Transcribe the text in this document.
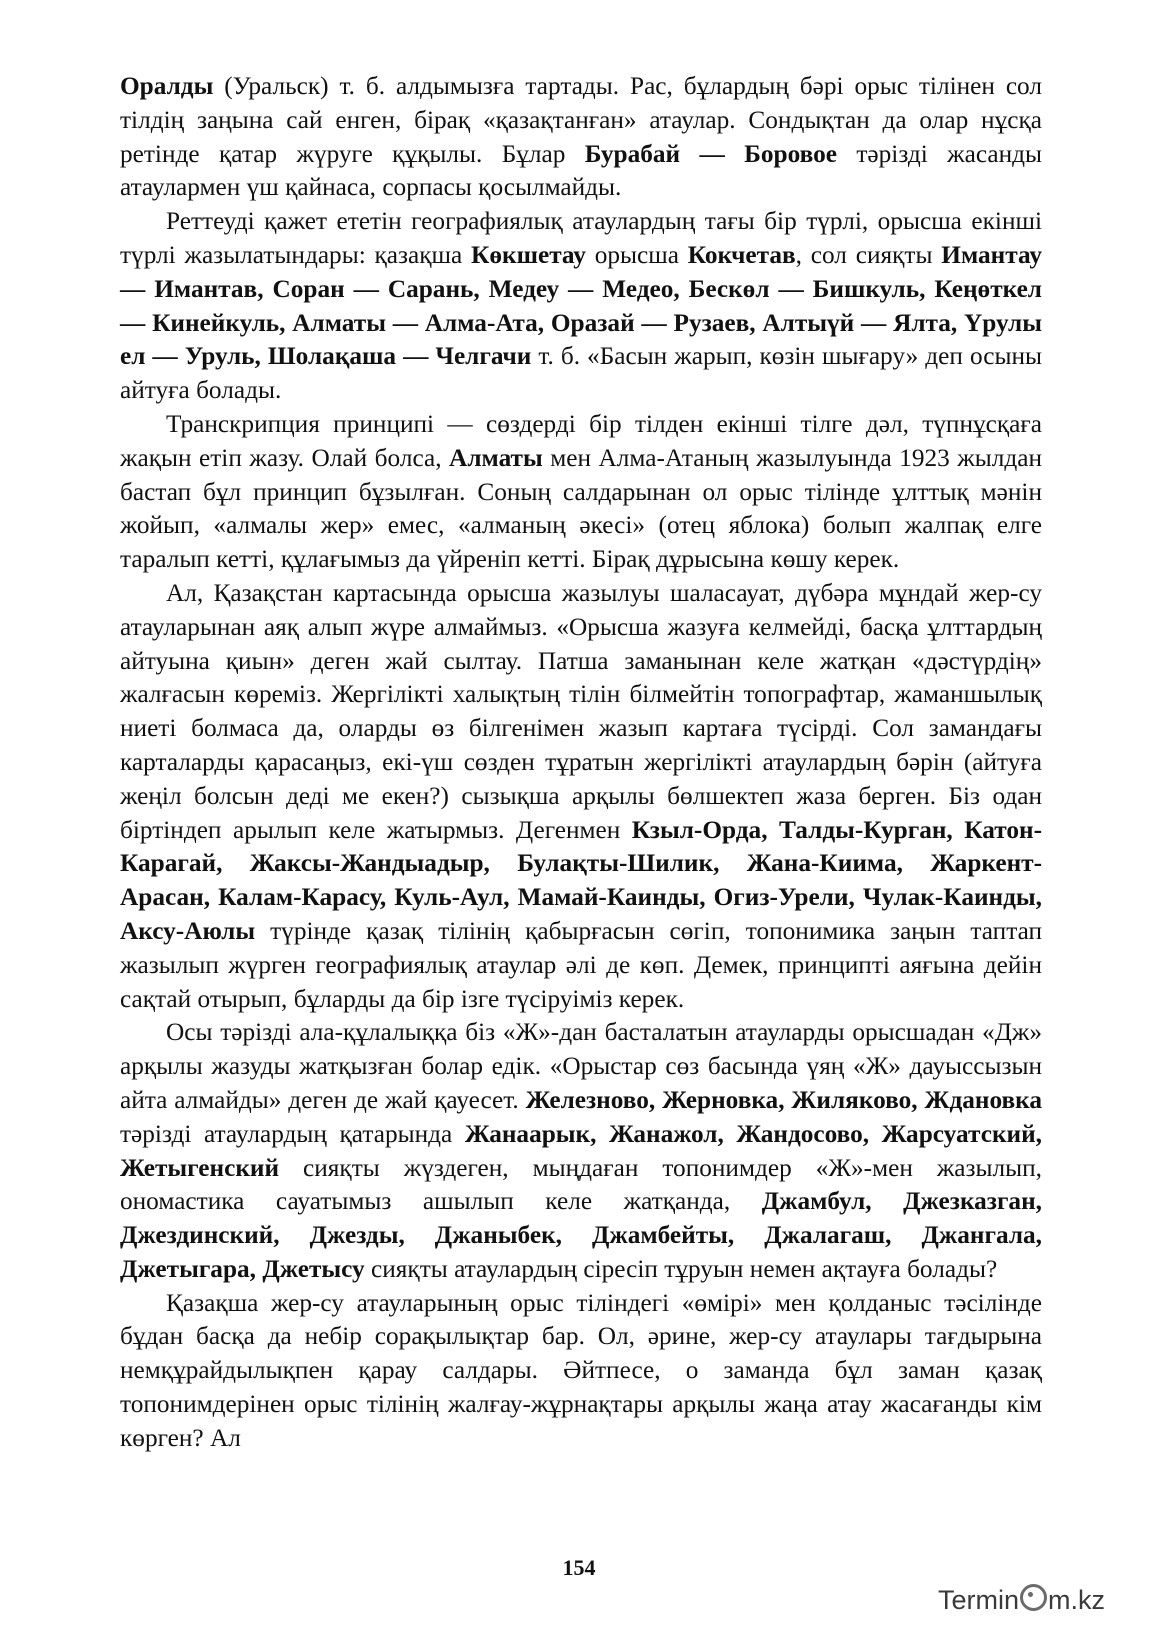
Оралды (Уральск) т. б. алдымызға тартады. Рас, бұлардың бәрі орыс тілінен сол тілдің заңына сай енген, бірақ «қазақтанған» атаулар. Сондықтан да олар нұсқа ретінде қатар жүруге құқылы. Бұлар Бурабай — Боровое тәрізді жасанды атаулармен үш қайнаса, сорпасы қосылмайды.

Реттеуді қажет ететін географиялық атаулардың тағы бір түрлі, орысша екінші түрлі жазылатындары: қазақша Көкшетау орысша Кокчетав, сол сияқты Имантау — Имантав, Соран — Сарань, Медеу — Медео, Бескөл — Бишкуль, Кеңөткел — Кинейкуль, Алматы — Алма-Ата, Оразай — Рузаев, Алтыүй — Ялта, Үрулы ел — Уруль, Шолақаша — Челгачи т. б. «Басын жарып, көзін шығару» деп осыны айтуға болады.

Транскрипция принципі — сөздерді бір тілден екінші тілге дәл, түпнұсқаға жақын етіп жазу. Олай болса, Алматы мен Алма-Атаның жазылуында 1923 жылдан бастап бұл принцип бұзылған. Соның салдарынан ол орыс тілінде ұлттық мәнін жойып, «алмалы жер» емес, «алманың әкесі» (отец яблока) болып жалпақ елге таралып кетті, құлағымыз да үйреніп кетті. Бірақ дұрысына көшу керек.

Ал, Қазақстан картасында орысша жазылуы шаласауат, дүбәра мұндай жер-су атауларынан аяқ алып жүре алмаймыз. «Орысша жазуға келмейді, басқа ұлттардың айтуына қиын» деген жай сылтау. Патша заманынан келе жатқан «дәстүрдің» жалғасын көреміз. Жергілікті халықтың тілін білмейтін топографтар, жаманшылық ниеті болмаса да, оларды өз білгенімен жазып картаға түсірді. Сол замандағы карталарды қарасаңыз, екі-үш сөзден тұратын жергілікті атаулардың бәрін (айтуға жеңіл болсын деді ме екен?) сызықша арқылы бөлшектеп жаза берген. Біз одан біртіндеп арылып келе жатырмыз. Дегенмен Кзыл-Орда, Талды-Курган, Катон-Карагай, Жаксы-Жандыадыр, Булақты-Шилик, Жана-Киима, Жаркент-Арасан, Калам-Карасу, Куль-Аул, Мамай-Каинды, Огиз-Урели, Чулак-Каинды, Аксу-Аюлы түрінде қазақ тілінің қабырғасын сөгіп, топонимика заңын таптап жазылып жүрген географиялық атаулар әлі де көп. Демек, принципті аяғына дейін сақтай отырып, бұларды да бір ізге түсіруіміз керек.

Осы тәрізді ала-құлалыққа біз «Ж»-дан басталатын атауларды орысшадан «Дж» арқылы жазуды жатқызған болар едік. «Орыстар сөз басында үяң «Ж» дауыссызын айта алмайды» деген де жай қауесет. Железново, Жерновка, Жиляково, Ждановка тәрізді атаулардың қатарында Жанаарык, Жанажол, Жандосово, Жарсуатский, Жетыгенский сияқты жүздеген, мыңдаған топонимдер «Ж»-мен жазылып, ономастика сауатымыз ашылып келе жатқанда, Джамбул, Джезказган, Джездинский, Джезды, Джаныбек, Джамбейты, Джалагаш, Джангала, Джетыгара, Джетысу сияқты атаулардың сіресіп тұруын немен ақтауға болады?

Қазақша жер-су атауларының орыс тіліндегі «өмірі» мен қолданыс тәсілінде бұдан басқа да небір сорақылықтар бар. Ол, әрине, жер-су атаулары тағдырына немқұрайдылықпен қарау салдары. Әйтпесе, о заманда бұл заман қазақ топонимдерінен орыс тілінің жалғау-жұрнақтары арқылы жаңа атау жасағанды кім көрген? Ал

154
Termin m.kz
